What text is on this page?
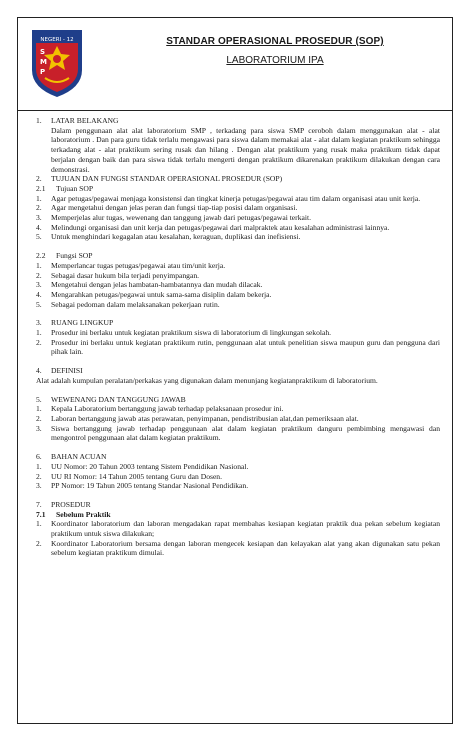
NEGERI - 12
S
M
P
STANDAR OPERASIONAL PROSEDUR (SOP)
LABORATORIUM IPA
1.	LATAR BELAKANG
Dalam penggunaan alat alat laboratorium SMP , terkadang para siswa SMP ceroboh dalam menggunakan alat - alat laboratorium . Dan para guru tidak terlalu mengawasi para siswa dalam memakai alat - alat dalam kegiatan praktikum sehingga terkadang alat - alat praktikum sering rusak dan hilang . Dengan alat praktikum yang rusak maka praktikum tidak dapat berjalan dengan baik dan para siswa tidak terlalu mengerti dengan praktikum dikarenakan praktikum dilakukan dengan cara demonstrasi.
2.	TUJUAN DAN FUNGSI STANDAR OPERASIONAL PROSEDUR (SOP)
2.1	Tujuan SOP
1.	Agar petugas/pegawai menjaga konsistensi dan tingkat kinerja petugas/pegawai atau tim dalam organisasi atau unit kerja.
2.	Agar mengetahui dengan jelas peran dan fungsi tiap-tiap posisi dalam organisasi.
3.	Memperjelas alur tugas, wewenang dan tanggung jawab dari petugas/pegawai terkait.
4.	Melindungi organisasi dan unit kerja dan petugas/pegawai dari malpraktek atau kesalahan administrasi lainnya.
5.	Untuk menghindari kegagalan atau kesalahan, keraguan, duplikasi dan inefisiensi.
2.2	Fungsi SOP
1.	Memperlancar tugas petugas/pegawai atau tim/unit kerja.
2.	Sebagai dasar hukum bila terjadi penyimpangan.
3.	Mengetahui dengan jelas hambatan-hambatannya dan mudah dilacak.
4.	Mengarahkan petugas/pegawai untuk sama-sama disiplin dalam bekerja.
5.	Sebagai pedoman dalam melaksanakan pekerjaan rutin.
3.	RUANG LINGKUP
1.	Prosedur ini berlaku untuk kegiatan praktikum siswa di laboratorium di lingkungan sekolah.
2.	Prosedur ini berlaku untuk kegiatan praktikum rutin, penggunaan alat untuk penelitian siswa maupun guru dan pengguna dari pihak lain.
4.	DEFINISI
Alat adalah kumpulan peralatan/perkakas yang digunakan dalam menunjang kegiatanpraktikum di laboratorium.
5.	WEWENANG DAN TANGGUNG JAWAB
1.	Kepala Laboratorium bertanggung jawab terhadap pelaksanaan prosedur ini.
2.	Laboran bertanggung jawab atas perawatan, penyimpanan, pendistribusian alat,dan pemeriksaan alat.
3.	Siswa bertanggung jawab terhadap penggunaan alat dalam kegiatan praktikum danguru pembimbing mengawasi dan mengontrol penggunaan alat dalam kegiatan praktikum.
6.	BAHAN ACUAN
1.	UU Nomor: 20 Tahun 2003 tentang Sistem Pendidikan Nasional.
2.	UU RI Nomor: 14 Tahun 2005 tentang Guru dan Dosen.
3.	PP Nomor: 19 Tahun 2005 tentang Standar Nasional Pendidikan.
7.	PROSEDUR
7.1	Sebelum Praktik
1.	Koordinator laboratorium dan laboran mengadakan rapat membahas kesiapan kegiatan praktik dua pekan sebelum kegiatan praktikum untuk siswa dilakukan;
2.	Koordinator Laboratorium bersama dengan laboran mengecek kesiapan dan kelayakan alat yang akan digunakan satu pekan sebelum kegiatan praktikum dimulai.
